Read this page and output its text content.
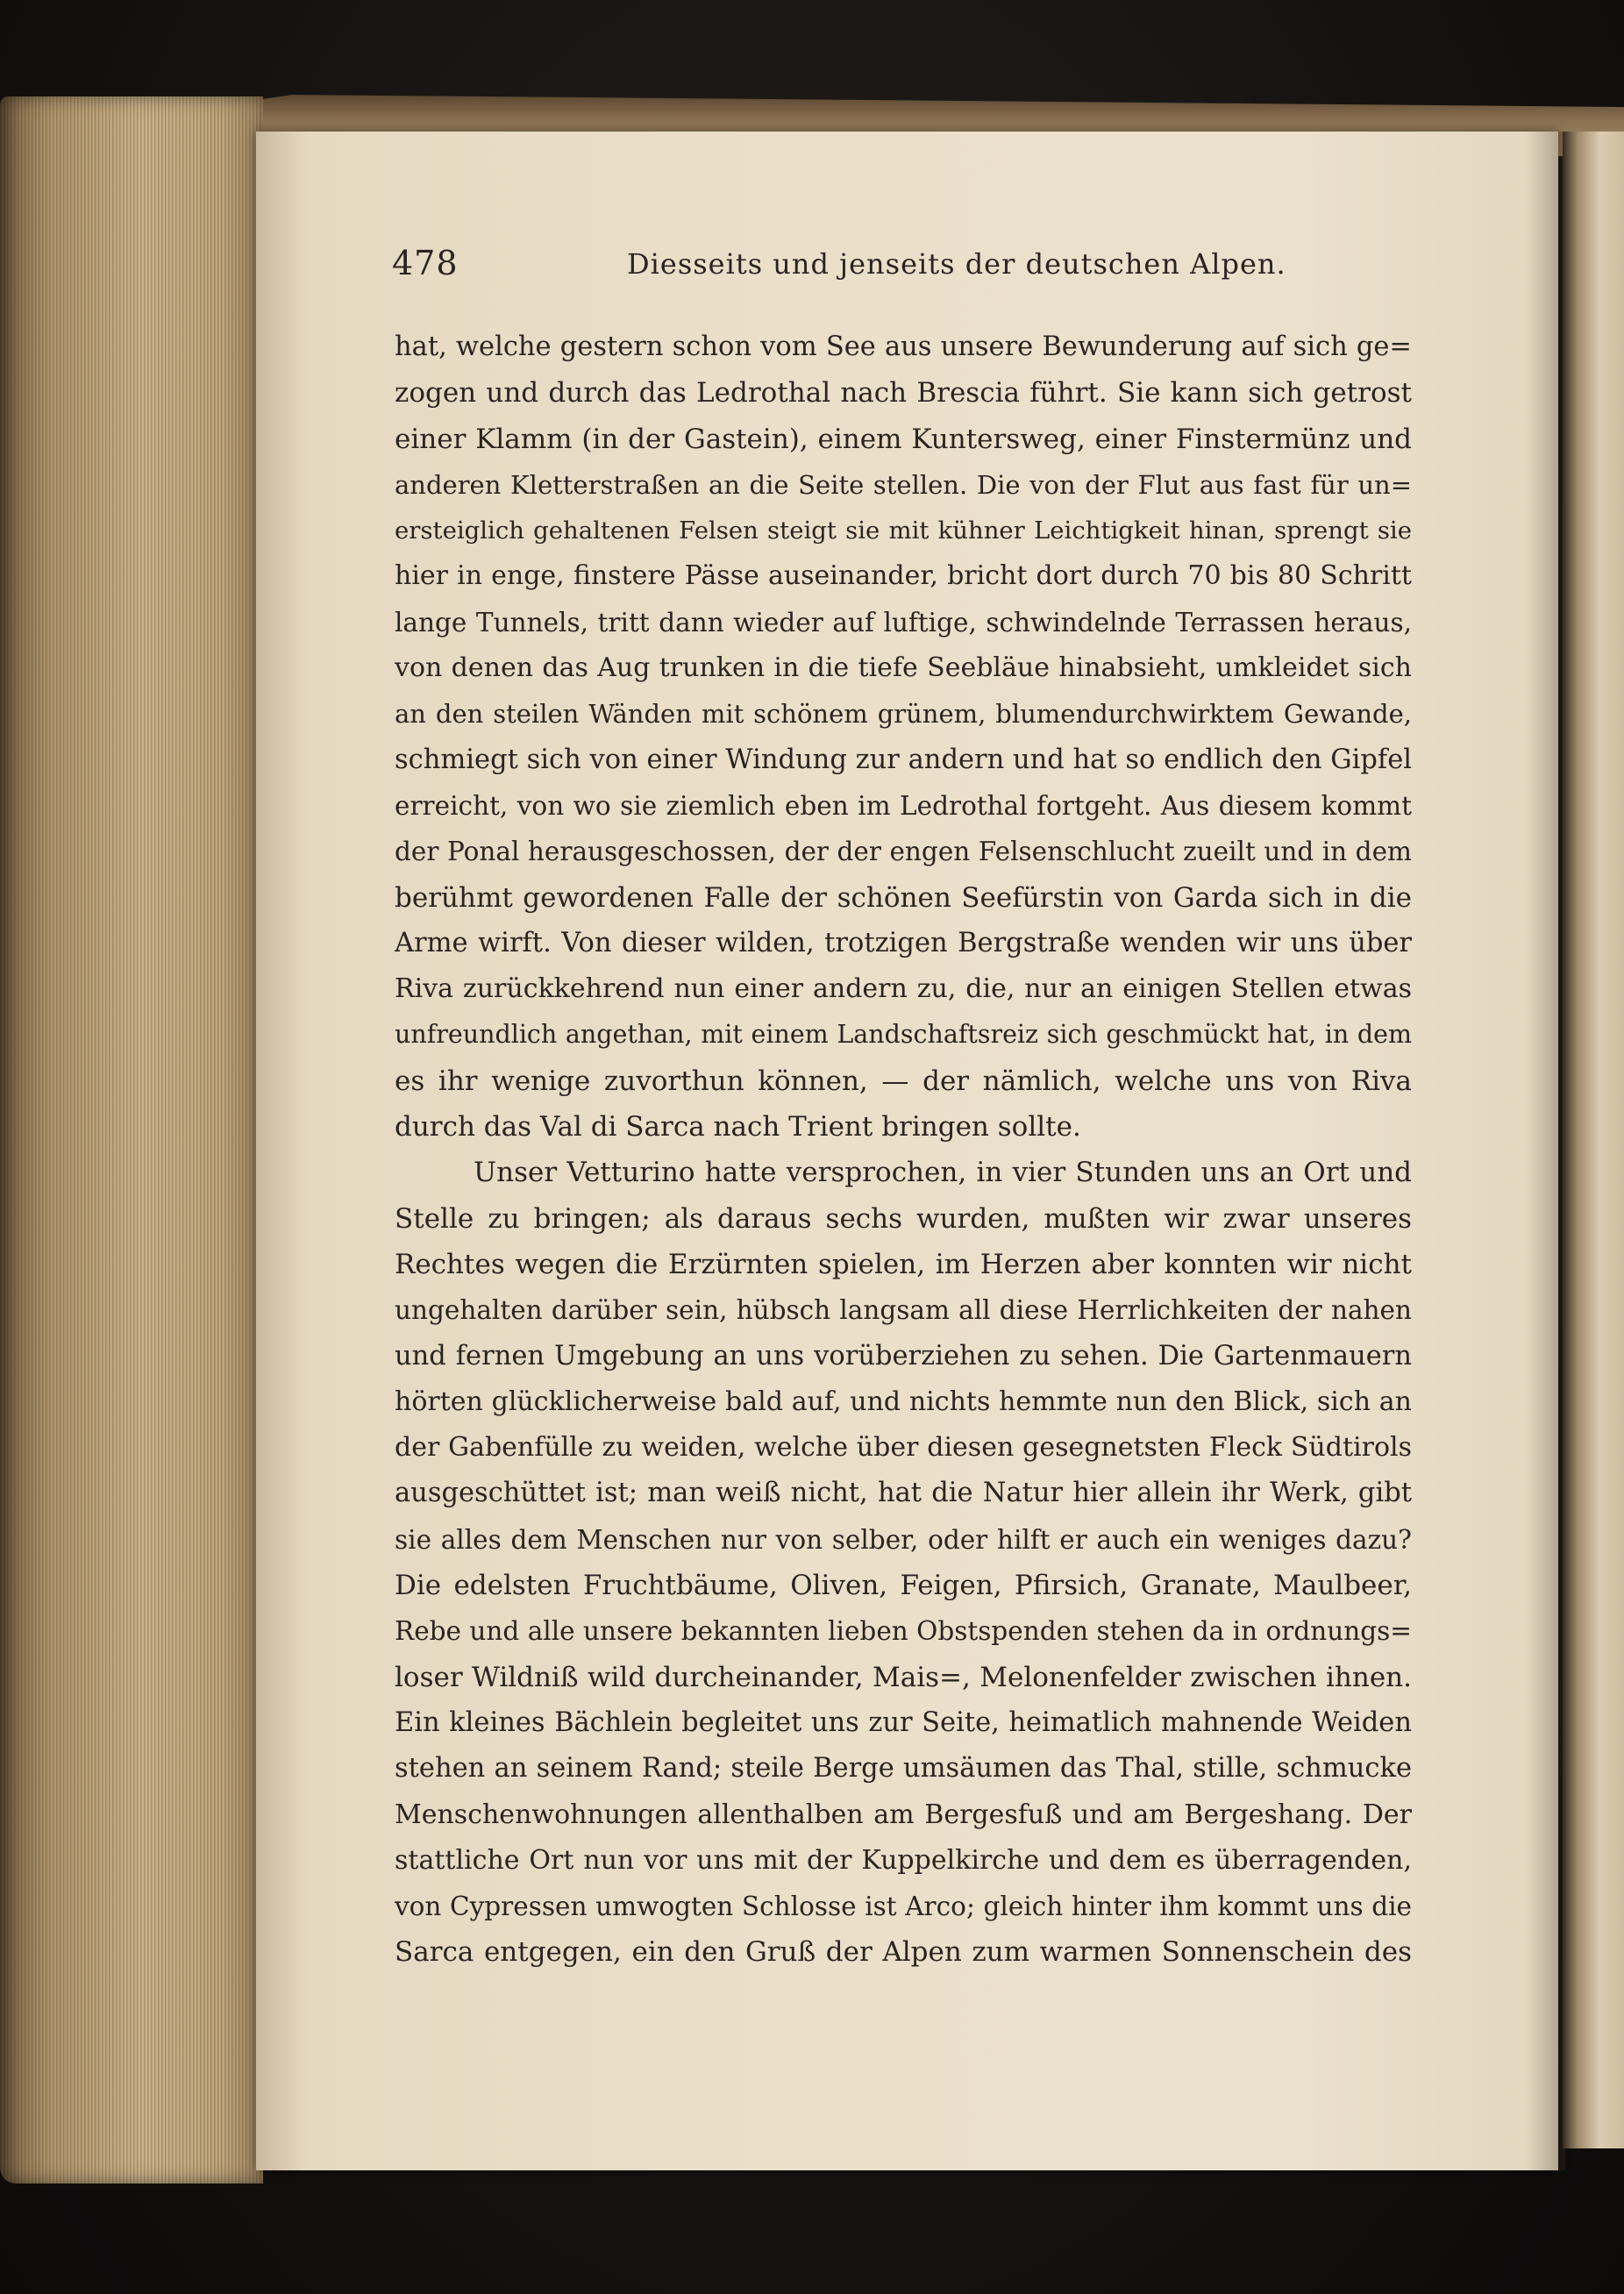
478	Diesseits und jenseits der deutschen Alpen.
hat, welche gestern schon vom See aus unsere Bewunderung auf sich ge=
zogen und durch das Ledrothal nach Brescia führt. Sie kann sich getrost
einer Klamm (in der Gastein), einem Kuntersweg, einer Finstermünz und
anderen Kletterstraßen an die Seite stellen. Die von der Flut aus fast für un=
ersteiglich gehaltenen Felsen steigt sie mit kühner Leichtigkeit hinan, sprengt sie
hier in enge, finstere Pässe auseinander, bricht dort durch 70 bis 80 Schritt
lange Tunnels, tritt dann wieder auf luftige, schwindelnde Terrassen heraus,
von denen das Aug trunken in die tiefe Seebläue hinabsieht, umkleidet sich
an den steilen Wänden mit schönem grünem, blumendurchwirktem Gewande,
schmiegt sich von einer Windung zur andern und hat so endlich den Gipfel
erreicht, von wo sie ziemlich eben im Ledrothal fortgeht. Aus diesem kommt
der Ponal herausgeschossen, der der engen Felsenschlucht zueilt und in dem
berühmt gewordenen Falle der schönen Seefürstin von Garda sich in die
Arme wirft. Von dieser wilden, trotzigen Bergstraße wenden wir uns über
Riva zurückkehrend nun einer andern zu, die, nur an einigen Stellen etwas
unfreundlich angethan, mit einem Landschaftsreiz sich geschmückt hat, in dem
es ihr wenige zuvorthun können, — der nämlich, welche uns von Riva
durch das Val di Sarca nach Trient bringen sollte.
Unser Vetturino hatte versprochen, in vier Stunden uns an Ort und
Stelle zu bringen; als daraus sechs wurden, mußten wir zwar unseres
Rechtes wegen die Erzürnten spielen, im Herzen aber konnten wir nicht
ungehalten darüber sein, hübsch langsam all diese Herrlichkeiten der nahen
und fernen Umgebung an uns vorüberziehen zu sehen. Die Gartenmauern
hörten glücklicherweise bald auf, und nichts hemmte nun den Blick, sich an
der Gabenfülle zu weiden, welche über diesen gesegnetsten Fleck Südtirols
ausgeschüttet ist; man weiß nicht, hat die Natur hier allein ihr Werk, gibt
sie alles dem Menschen nur von selber, oder hilft er auch ein weniges dazu?
Die edelsten Fruchtbäume, Oliven, Feigen, Pfirsich, Granate, Maulbeer,
Rebe und alle unsere bekannten lieben Obstspenden stehen da in ordnungs=
loser Wildniß wild durcheinander, Mais=, Melonenfelder zwischen ihnen.
Ein kleines Bächlein begleitet uns zur Seite, heimatlich mahnende Weiden
stehen an seinem Rand; steile Berge umsäumen das Thal, stille, schmucke
Menschenwohnungen allenthalben am Bergesfuß und am Bergeshang. Der
stattliche Ort nun vor uns mit der Kuppelkirche und dem es überragenden,
von Cypressen umwogten Schlosse ist Arco; gleich hinter ihm kommt uns die
Sarca entgegen, ein den Gruß der Alpen zum warmen Sonnenschein des
